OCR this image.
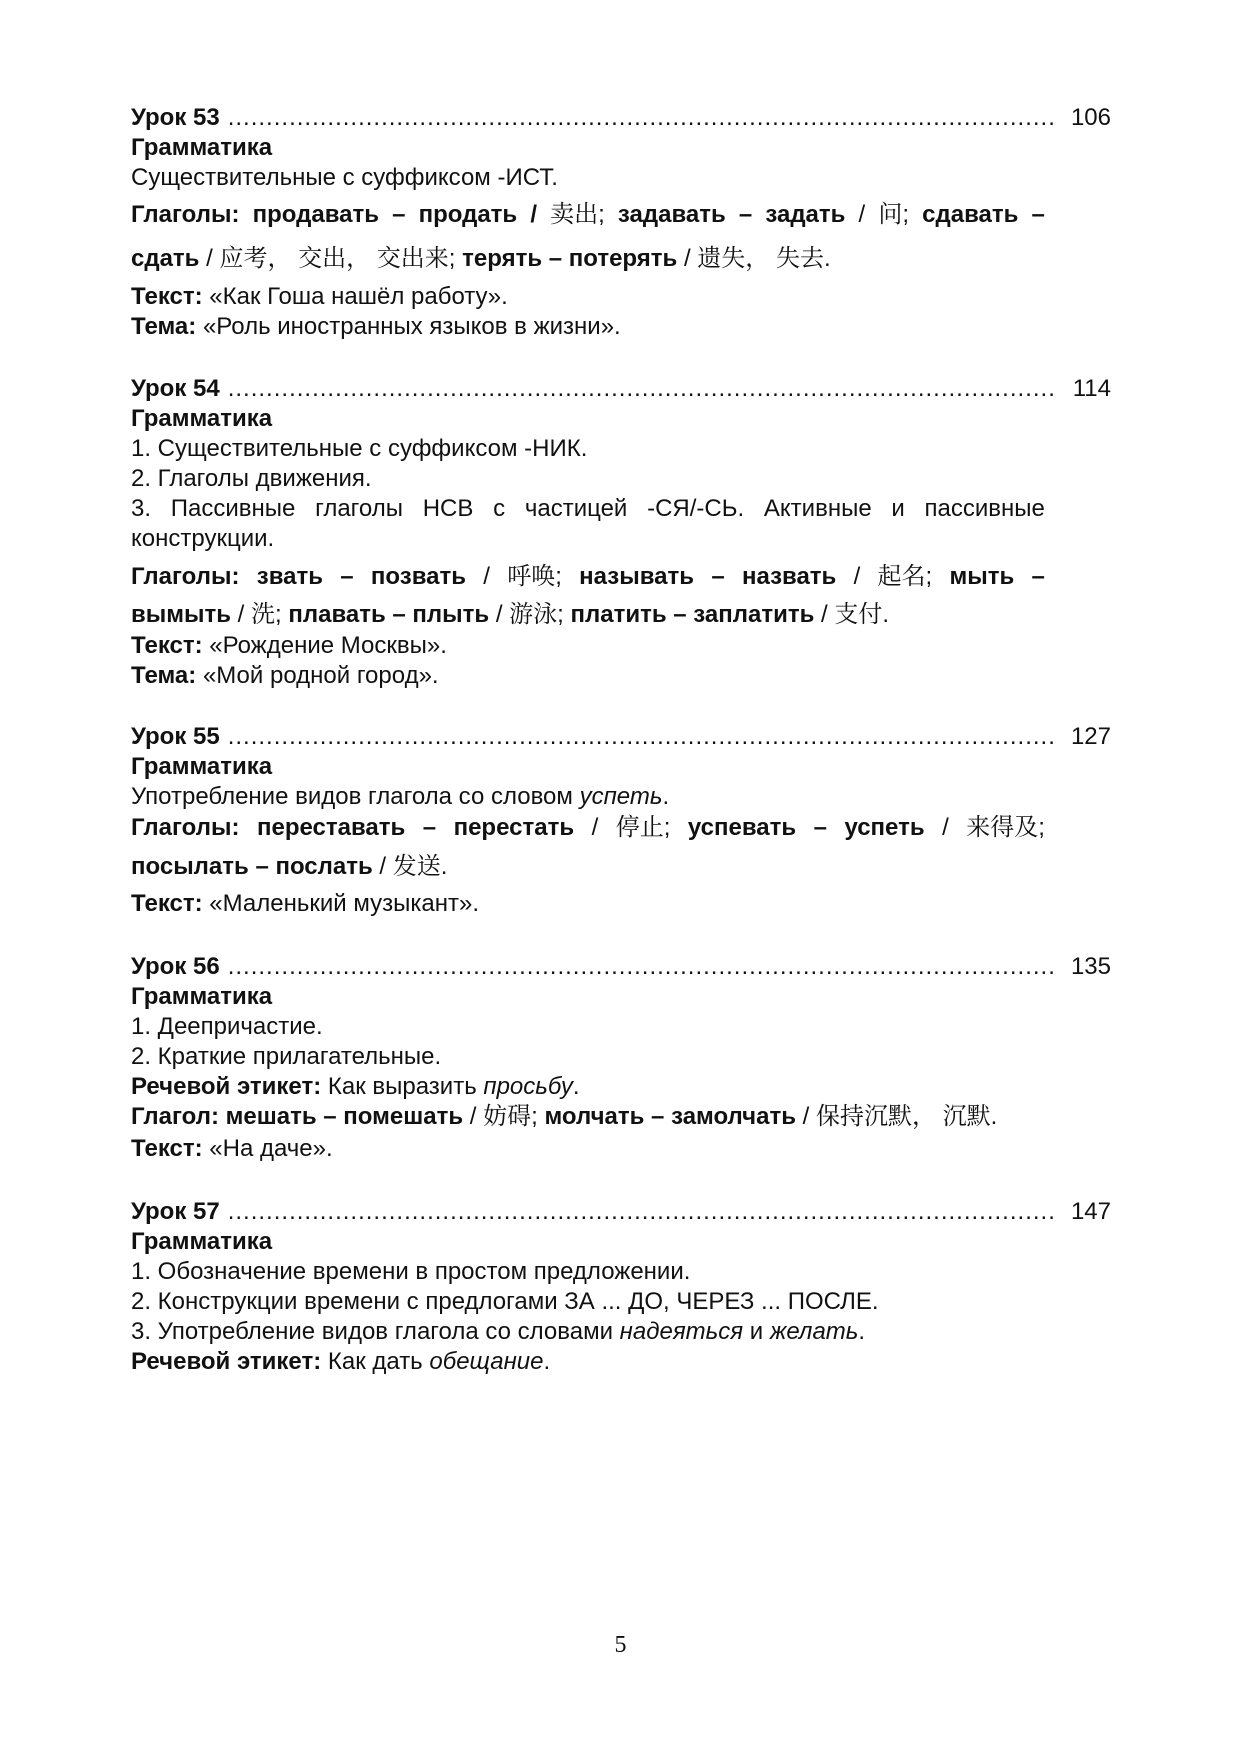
Урок 53 .....	106
Грамматика
Существительные с суффиксом -ИСТ.
Глаголы: продавать – продать / 卖出; задавать – задать / 问; сдавать –
сдать / 应考， 交出， 交出来; терять – потерять / 遗失， 失去.
Текст: «Как Гоша нашёл работу».
Тема: «Роль иностранных языков в жизни».
Урок 54 .....	114
Грамматика
1. Существительные с суффиксом -НИК.
2. Глаголы движения.
3. Пассивные глаголы НСВ с частицей -СЯ/-СЬ. Активные и пассивные
конструкции.
Глаголы: звать – позвать / 呼唤; называть – назвать / 起名; мыть –
вымыть / 洗; плавать – плыть / 游泳; платить – заплатить / 支付.
Текст: «Рождение Москвы».
Тема: «Мой родной город».
Урок 55 .....	127
Грамматика
Употребление видов глагола со словом успеть.
Глаголы: переставать – перестать / 停止; успевать – успеть / 来得及;
посылать – послать / 发送.
Текст: «Маленький музыкант».
Урок 56 .....	135
Грамматика
1. Деепричастие.
2. Краткие прилагательные.
Речевой этикет: Как выразить просьбу.
Глагол: мешать – помешать / 妨碍; молчать – замолчать / 保持沉默， 沉默.
Текст: «На даче».
Урок 57 .....	147
Грамматика
1. Обозначение времени в простом предложении.
2. Конструкции времени с предлогами ЗА ... ДО, ЧЕРЕЗ ... ПОСЛЕ.
3. Употребление видов глагола со словами надеяться и желать.
Речевой этикет: Как дать обещание.
5
